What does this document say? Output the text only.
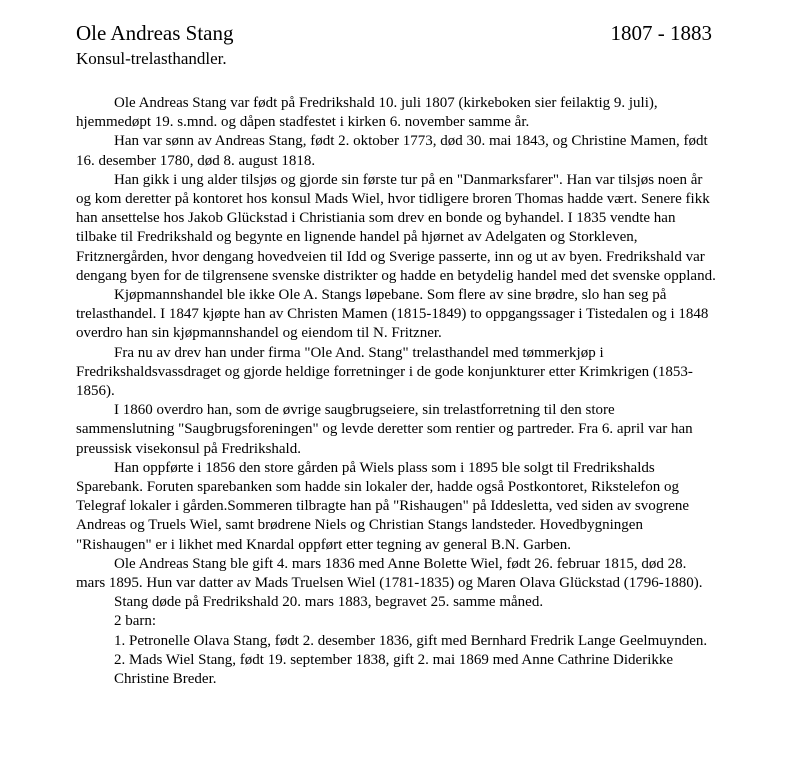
Ole Andreas Stang	1807 - 1883
Konsul-trelasthandler.

Ole Andreas Stang var født på Fredrikshald 10. juli 1807 (kirkeboken sier feilaktig 9. juli), hjemmedøpt 19. s.mnd. og dåpen stadfestet i kirken 6. november samme år.

Han var sønn av Andreas Stang, født 2. oktober 1773, død 30. mai 1843, og Christine Mamen, født 16. desember 1780, død 8. august 1818.

Han gikk i ung alder tilsjøs og gjorde sin første tur på en "Danmarksfarer". Han var tilsjøs noen år og kom deretter på kontoret hos konsul Mads Wiel, hvor tidligere broren Thomas hadde vært. Senere fikk han ansettelse hos Jakob Glückstad i Christiania som drev en bonde og byhandel. I 1835 vendte han tilbake til Fredrikshald og begynte en lignende handel på hjørnet av Adelgaten og Storkleven, Fritznergården, hvor dengang hovedveien til Idd og Sverige passerte, inn og ut av byen. Fredrikshald var dengang byen for de tilgrensene svenske distrikter og hadde en betydelig handel med det svenske oppland.

Kjøpmannshandel ble ikke Ole A. Stangs løpebane. Som flere av sine brødre, slo han seg på trelasthandel. I 1847 kjøpte han av Christen Mamen (1815-1849) to oppgangssager i Tistedalen og i 1848 overdro han sin kjøpmannshandel og eiendom til N. Fritzner.

Fra nu av drev han under firma "Ole And. Stang" trelasthandel med tømmerkjøp i Fredrikshaldsvassdraget og gjorde heldige forretninger i de gode konjunkturer etter Krimkrigen (1853-1856).

I 1860 overdro han, som de øvrige saugbrugseiere, sin trelastforretning til den store sammenslutning "Saugbrugsforeningen" og levde deretter som rentier og partreder. Fra 6. april var han preussisk visekonsul på Fredrikshald.

Han oppførte i 1856 den store gården på Wiels plass som i 1895 ble solgt til Fredrikshalds Sparebank. Foruten sparebanken som hadde sin lokaler der, hadde også Postkontoret, Rikstelefon og Telegraf lokaler i gården.Sommeren tilbragte han på "Rishaugen" på Iddesletta, ved siden av svogrene Andreas og Truels Wiel, samt brødrene Niels og Christian Stangs landsteder. Hovedbygningen "Rishaugen" er i likhet med Knardal oppført etter tegning av general B.N. Garben.

Ole Andreas Stang ble gift 4. mars 1836 med Anne Bolette Wiel, født 26. februar 1815, død 28. mars 1895. Hun var datter av Mads Truelsen Wiel (1781-1835) og Maren Olava Glückstad (1796-1880).

Stang døde på Fredrikshald 20. mars 1883, begravet 25. samme måned.

2 barn:

1. Petronelle Olava Stang, født 2. desember 1836, gift med Bernhard Fredrik Lange Geelmuynden.

2. Mads Wiel Stang, født 19. september 1838, gift 2. mai 1869 med Anne Cathrine Diderikke Christine Breder.
